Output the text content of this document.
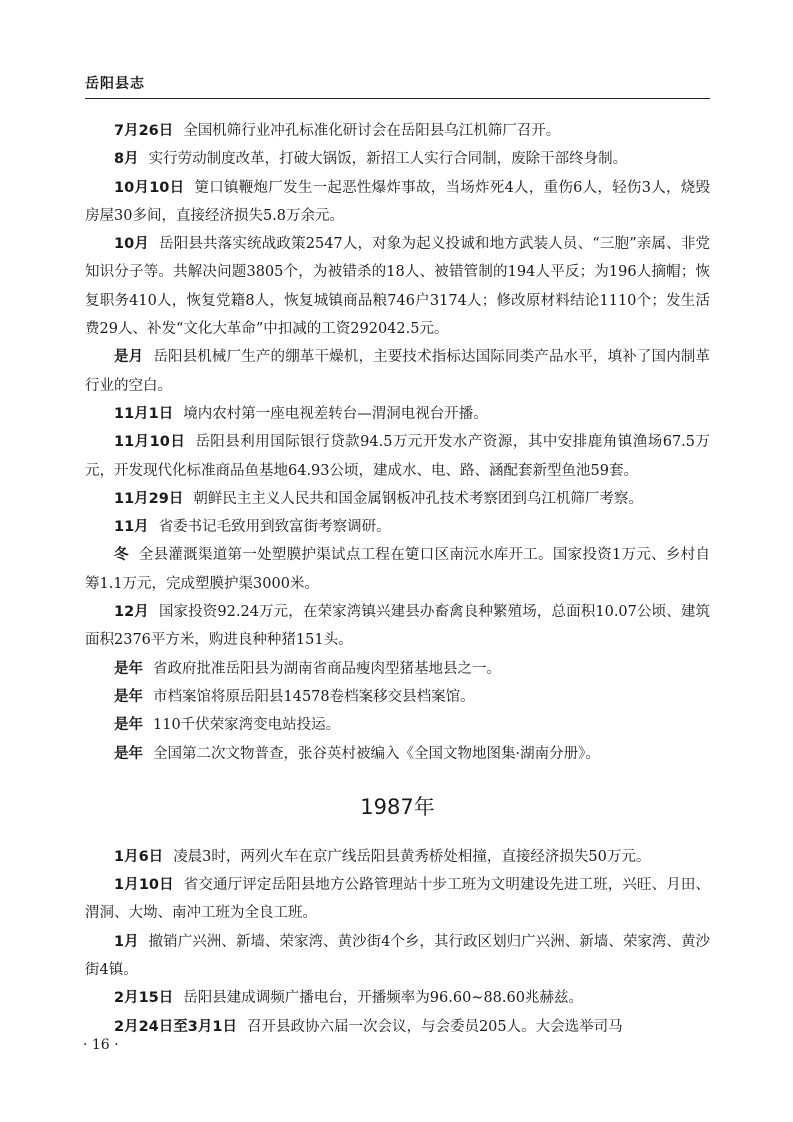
岳阳县志

7月26日 全国机筛行业冲孔标准化研讨会在岳阳县乌江机筛厂召开。

8月 实行劳动制度改革，打破大锅饭，新招工人实行合同制，废除干部终身制。

10月10日 筻口镇鞭炮厂发生一起恶性爆炸事故，当场炸死4人，重伤6人，轻伤3人，烧毁房屋30多间，直接经济损失5.8万余元。

10月 岳阳县共落实统战政策2547人，对象为起义投诚和地方武装人员、“三胞”亲属、非党知识分子等。共解决问题3805个，为被错杀的18人、被错管制的194人平反；为196人摘帽；恢复职务410人，恢复党籍8人，恢复城镇商品粮746户3174人；修改原材料结论1110个；发生活费29人、补发“文化大革命”中扣减的工资292042.5元。

是月 岳阳县机械厂生产的绷革干燥机，主要技术指标达国际同类产品水平，填补了国内制革行业的空白。

11月1日 境内农村第一座电视差转台—渭洞电视台开播。

11月10日 岳阳县利用国际银行贷款94.5万元开发水产资源，其中安排鹿角镇渔场67.5万元，开发现代化标准商品鱼基地64.93公顷，建成水、电、路、涵配套新型鱼池59套。

11月29日 朝鲜民主主义人民共和国金属钢板冲孔技术考察团到乌江机筛厂考察。

11月 省委书记毛致用到致富街考察调研。

冬 全县灌溉渠道第一处塑膜护渠试点工程在筻口区南沅水库开工。国家投资1万元、乡村自筹1.1万元，完成塑膜护渠3000米。

12月 国家投资92.24万元，在荣家湾镇兴建县办畜禽良种繁殖场，总面积10.07公顷、建筑面积2376平方米，购进良种种猪151头。

是年 省政府批准岳阳县为湖南省商品瘦肉型猪基地县之一。

是年 市档案馆将原岳阳县14578卷档案移交县档案馆。

是年 110千伏荣家湾变电站投运。

是年 全国第二次文物普查，张谷英村被编入《全国文物地图集·湖南分册》。

1987年

1月6日 凌晨3时，两列火车在京广线岳阳县黄秀桥处相撞，直接经济损失50万元。

1月10日 省交通厅评定岳阳县地方公路管理站十步工班为文明建设先进工班，兴旺、月田、渭洞、大坳、南冲工班为全良工班。

1月 撤销广兴洲、新墙、荣家湾、黄沙街4个乡，其行政区划归广兴洲、新墙、荣家湾、黄沙街4镇。

2月15日 岳阳县建成调频广播电台，开播频率为96.60~88.60兆赫兹。

2月24日至3月1日 召开县政协六届一次会议，与会委员205人。大会选举司马

· 16 ·
